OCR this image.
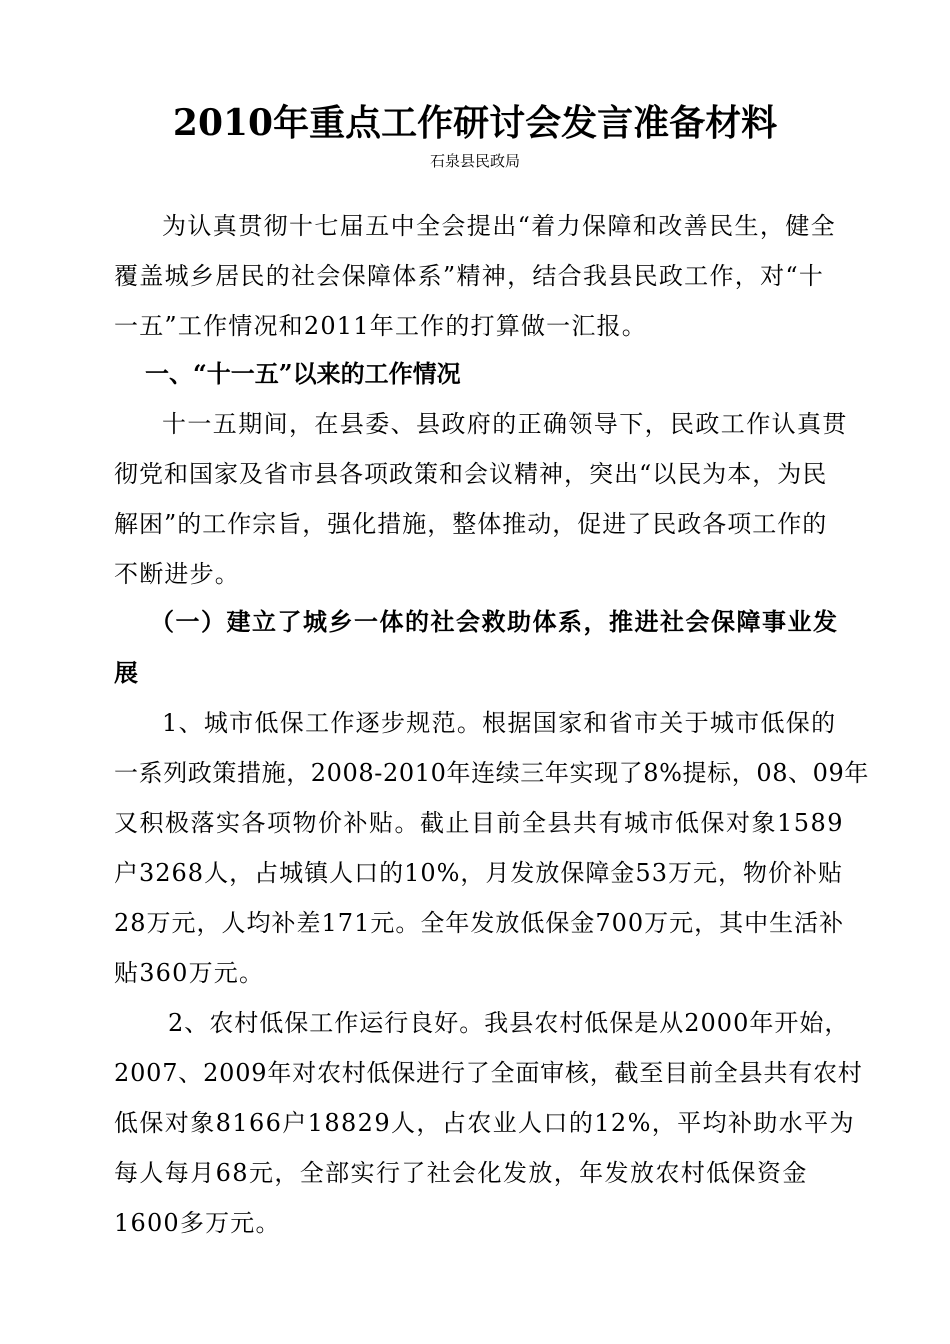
2010年重点工作研讨会发言准备材料
石泉县民政局
为认真贯彻十七届五中全会提出“着力保障和改善民生，健全
覆盖城乡居民的社会保障体系”精神，结合我县民政工作，对“十
一五”工作情况和2011年工作的打算做一汇报。
一、“十一五”以来的工作情况
十一五期间，在县委、县政府的正确领导下，民政工作认真贯
彻党和国家及省市县各项政策和会议精神，突出“以民为本，为民
解困”的工作宗旨，强化措施，整体推动，促进了民政各项工作的
不断进步。
（一）建立了城乡一体的社会救助体系，推进社会保障事业发
展
1、城市低保工作逐步规范。根据国家和省市关于城市低保的
一系列政策措施，2008-2010年连续三年实现了8%提标，08、09年
又积极落实各项物价补贴。截止目前全县共有城市低保对象1589
户3268人，占城镇人口的10%，月发放保障金53万元，物价补贴
28万元，人均补差171元。全年发放低保金700万元，其中生活补
贴360万元。
2、农村低保工作运行良好。我县农村低保是从2000年开始，
2007、2009年对农村低保进行了全面审核，截至目前全县共有农村
低保对象8166户18829人，占农业人口的12%，平均补助水平为
每人每月68元，全部实行了社会化发放，年发放农村低保资金
1600多万元。
